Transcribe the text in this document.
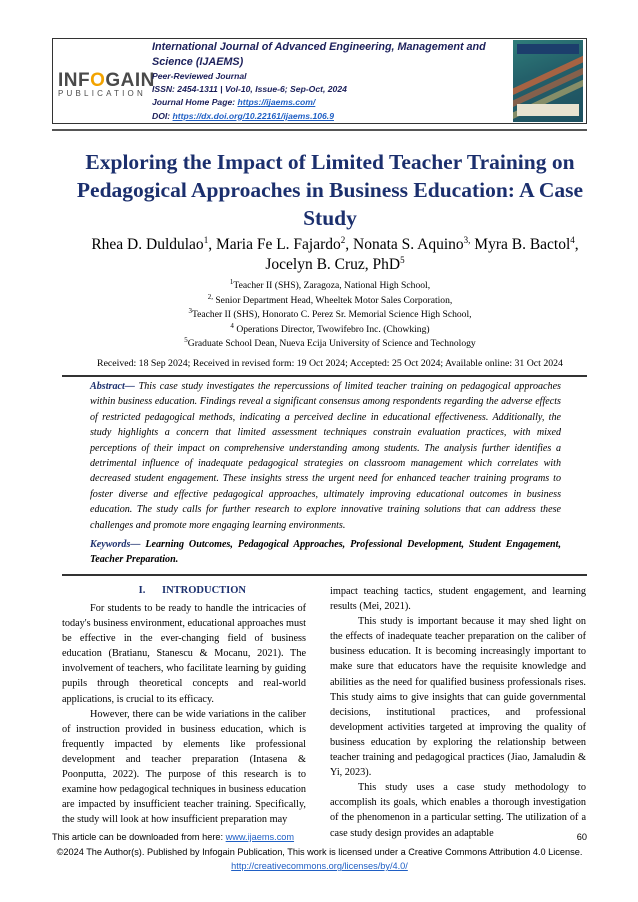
INFOGAIN
PUBLICATION
International Journal of Advanced Engineering, Management and Science (IJAEMS)
Peer-Reviewed Journal
ISSN: 2454-1311 | Vol-10, Issue-6; Sep-Oct, 2024
Journal Home Page: https://ijaems.com/
DOI: https://dx.doi.org/10.22161/ijaems.106.9
Exploring the Impact of Limited Teacher Training on Pedagogical Approaches in Business Education: A Case Study
Rhea D. Duldulao$^1$, Maria Fe L. Fajardo$^2$, Nonata S. Aquino$^{3,}$ Myra B. Bactol$^4$,
Jocelyn B. Cruz, PhD$^5$
$^1$Teacher II (SHS), Zaragoza, National High School,
$^{2,}$ Senior Department Head, Wheeltek Motor Sales Corporation,
$^3$Teacher II (SHS), Honorato C. Perez Sr. Memorial Science High School,
$^4$ Operations Director, Twowifebro Inc. (Chowking)
$^5$Graduate School Dean, Nueva Ecija University of Science and Technology
Received: 18 Sep 2024; Received in revised form: 19 Oct 2024; Accepted: 25 Oct 2024; Available online: 31 Oct 2024

Abstract— This case study investigates the repercussions of limited teacher training on pedagogical approaches within business education. Findings reveal a significant consensus among respondents regarding the adverse effects of restricted pedagogical methods, indicating a perceived decline in educational effectiveness. Additionally, the study highlights a concern that limited assessment techniques constrain evaluation practices, with mixed perceptions of their impact on comprehensive understanding among students. The analysis further identifies a detrimental influence of inadequate pedagogical strategies on classroom management which correlates with decreased student engagement. These insights stress the urgent need for enhanced teacher training programs to foster diverse and effective pedagogical approaches, ultimately improving educational outcomes in business education. The study calls for further research to explore innovative training solutions that can address these challenges and promote more engaging learning environments.

Keywords— Learning Outcomes, Pedagogical Approaches, Professional Development, Student Engagement, Teacher Preparation.

I. INTRODUCTION

For students to be ready to handle the intricacies of today's business environment, educational approaches must be effective in the ever-changing field of business education (Bratianu, Stanescu & Mocanu, 2021). The involvement of teachers, who facilitate learning by guiding pupils through theoretical concepts and real-world applications, is crucial to its efficacy.

However, there can be wide variations in the caliber of instruction provided in business education, which is frequently impacted by elements like professional development and teacher preparation (Intasena & Poonputta, 2022). The purpose of this research is to examine how pedagogical techniques in business education are impacted by insufficient teacher training. Specifically, the study will look at how insufficient preparation may

impact teaching tactics, student engagement, and learning results (Mei, 2021).

This study is important because it may shed light on the effects of inadequate teacher preparation on the caliber of business education. It is becoming increasingly important to make sure that educators have the requisite knowledge and abilities as the need for qualified business professionals rises. This study aims to give insights that can guide governmental decisions, institutional practices, and professional development activities targeted at improving the quality of business education by exploring the relationship between teacher training and pedagogical practices (Jiao, Jamaludin & Yi, 2023).

This study uses a case study methodology to accomplish its goals, which enables a thorough investigation of the phenomenon in a particular setting. The utilization of a case study design provides an adaptable

This article can be downloaded from here: www.ijaems.com	60
©2024 The Author(s). Published by Infogain Publication, This work is licensed under a Creative Commons Attribution 4.0 License.
http://creativecommons.org/licenses/by/4.0/
